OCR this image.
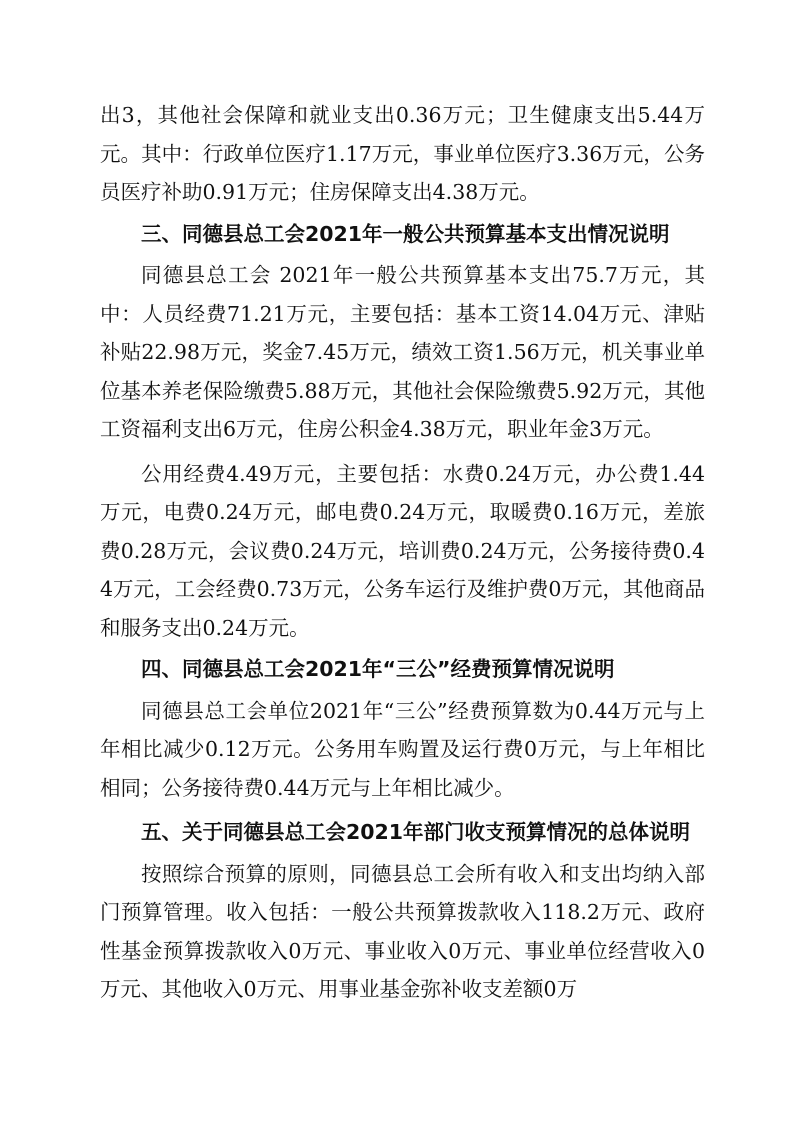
出3，其他社会保障和就业支出0.36万元；卫生健康支出5.44万元。其中：行政单位医疗1.17万元，事业单位医疗3.36万元，公务员医疗补助0.91万元；住房保障支出4.38万元。

三、同德县总工会2021年一般公共预算基本支出情况说明

同德县总工会 2021年一般公共预算基本支出75.7万元，其中：人员经费71.21万元，主要包括：基本工资14.04万元、津贴补贴22.98万元，奖金7.45万元，绩效工资1.56万元，机关事业单位基本养老保险缴费5.88万元，其他社会保险缴费5.92万元，其他工资福利支出6万元，住房公积金4.38万元，职业年金3万元。

公用经费4.49万元，主要包括：水费0.24万元，办公费1.44万元，电费0.24万元，邮电费0.24万元，取暖费0.16万元，差旅费0.28万元，会议费0.24万元，培训费0.24万元，公务接待费0.44万元，工会经费0.73万元，公务车运行及维护费0万元，其他商品和服务支出0.24万元。

四、同德县总工会2021年“三公”经费预算情况说明

同德县总工会单位2021年“三公”经费预算数为0.44万元与上年相比减少0.12万元。公务用车购置及运行费0万元，与上年相比相同；公务接待费0.44万元与上年相比减少。

五、关于同德县总工会2021年部门收支预算情况的总体说明

按照综合预算的原则，同德县总工会所有收入和支出均纳入部门预算管理。收入包括：一般公共预算拨款收入118.2万元、政府性基金预算拨款收入0万元、事业收入0万元、事业单位经营收入0万元、其他收入0万元、用事业基金弥补收支差额0万
